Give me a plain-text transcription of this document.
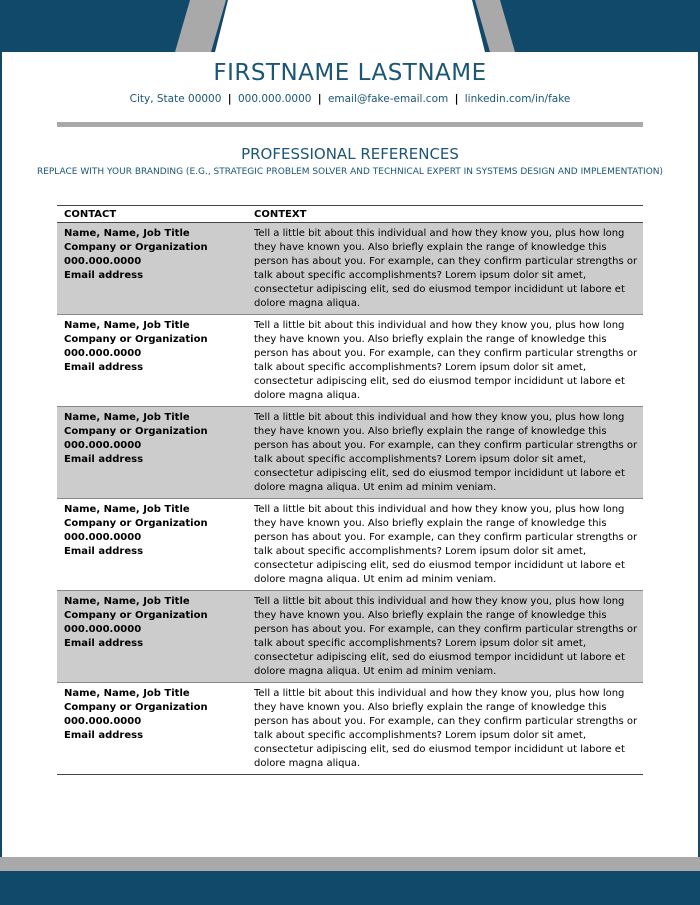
FIRSTNAME LASTNAME
City, State 00000 | 000.000.0000 | email@fake-email.com | linkedin.com/in/fake
PROFESSIONAL REFERENCES
REPLACE WITH YOUR BRANDING (E.G., STRATEGIC PROBLEM SOLVER AND TECHNICAL EXPERT IN SYSTEMS DESIGN AND IMPLEMENTATION)
CONTACT	CONTEXT
Name, Name, Job Title
Company or Organization
000.000.0000
Email address
Tell a little bit about this individual and how they know you, plus how long they have known you. Also briefly explain the range of knowledge this person has about you. For example, can they confirm particular strengths or talk about specific accomplishments? Lorem ipsum dolor sit amet, consectetur adipiscing elit, sed do eiusmod tempor incididunt ut labore et dolore magna aliqua.
Name, Name, Job Title
Company or Organization
000.000.0000
Email address
Tell a little bit about this individual and how they know you, plus how long they have known you. Also briefly explain the range of knowledge this person has about you. For example, can they confirm particular strengths or talk about specific accomplishments? Lorem ipsum dolor sit amet, consectetur adipiscing elit, sed do eiusmod tempor incididunt ut labore et dolore magna aliqua.
Name, Name, Job Title
Company or Organization
000.000.0000
Email address
Tell a little bit about this individual and how they know you, plus how long they have known you. Also briefly explain the range of knowledge this person has about you. For example, can they confirm particular strengths or talk about specific accomplishments? Lorem ipsum dolor sit amet, consectetur adipiscing elit, sed do eiusmod tempor incididunt ut labore et dolore magna aliqua. Ut enim ad minim veniam.
Name, Name, Job Title
Company or Organization
000.000.0000
Email address
Tell a little bit about this individual and how they know you, plus how long they have known you. Also briefly explain the range of knowledge this person has about you. For example, can they confirm particular strengths or talk about specific accomplishments? Lorem ipsum dolor sit amet, consectetur adipiscing elit, sed do eiusmod tempor incididunt ut labore et dolore magna aliqua. Ut enim ad minim veniam.
Name, Name, Job Title
Company or Organization
000.000.0000
Email address
Tell a little bit about this individual and how they know you, plus how long they have known you. Also briefly explain the range of knowledge this person has about you. For example, can they confirm particular strengths or talk about specific accomplishments? Lorem ipsum dolor sit amet, consectetur adipiscing elit, sed do eiusmod tempor incididunt ut labore et dolore magna aliqua. Ut enim ad minim veniam.
Name, Name, Job Title
Company or Organization
000.000.0000
Email address
Tell a little bit about this individual and how they know you, plus how long they have known you. Also briefly explain the range of knowledge this person has about you. For example, can they confirm particular strengths or talk about specific accomplishments? Lorem ipsum dolor sit amet, consectetur adipiscing elit, sed do eiusmod tempor incididunt ut labore et dolore magna aliqua.
